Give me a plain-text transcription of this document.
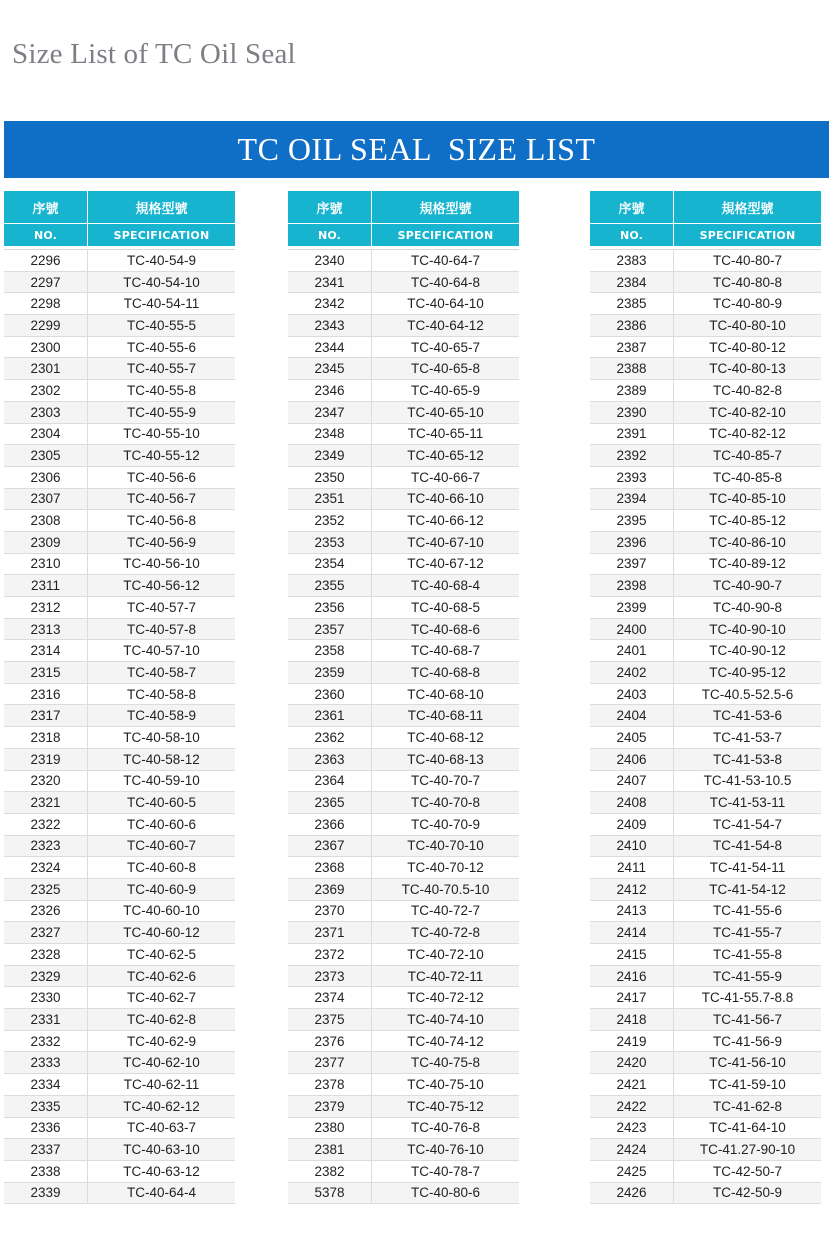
Size List of TC Oil Seal
TC OIL SEAL  SIZE LIST
序號	規格型號
NO.	SPECIFICATION
2296	TC-40-54-9
2297	TC-40-54-10
2298	TC-40-54-11
2299	TC-40-55-5
2300	TC-40-55-6
2301	TC-40-55-7
2302	TC-40-55-8
2303	TC-40-55-9
2304	TC-40-55-10
2305	TC-40-55-12
2306	TC-40-56-6
2307	TC-40-56-7
2308	TC-40-56-8
2309	TC-40-56-9
2310	TC-40-56-10
2311	TC-40-56-12
2312	TC-40-57-7
2313	TC-40-57-8
2314	TC-40-57-10
2315	TC-40-58-7
2316	TC-40-58-8
2317	TC-40-58-9
2318	TC-40-58-10
2319	TC-40-58-12
2320	TC-40-59-10
2321	TC-40-60-5
2322	TC-40-60-6
2323	TC-40-60-7
2324	TC-40-60-8
2325	TC-40-60-9
2326	TC-40-60-10
2327	TC-40-60-12
2328	TC-40-62-5
2329	TC-40-62-6
2330	TC-40-62-7
2331	TC-40-62-8
2332	TC-40-62-9
2333	TC-40-62-10
2334	TC-40-62-11
2335	TC-40-62-12
2336	TC-40-63-7
2337	TC-40-63-10
2338	TC-40-63-12
2339	TC-40-64-4
序號	規格型號
NO.	SPECIFICATION
2340	TC-40-64-7
2341	TC-40-64-8
2342	TC-40-64-10
2343	TC-40-64-12
2344	TC-40-65-7
2345	TC-40-65-8
2346	TC-40-65-9
2347	TC-40-65-10
2348	TC-40-65-11
2349	TC-40-65-12
2350	TC-40-66-7
2351	TC-40-66-10
2352	TC-40-66-12
2353	TC-40-67-10
2354	TC-40-67-12
2355	TC-40-68-4
2356	TC-40-68-5
2357	TC-40-68-6
2358	TC-40-68-7
2359	TC-40-68-8
2360	TC-40-68-10
2361	TC-40-68-11
2362	TC-40-68-12
2363	TC-40-68-13
2364	TC-40-70-7
2365	TC-40-70-8
2366	TC-40-70-9
2367	TC-40-70-10
2368	TC-40-70-12
2369	TC-40-70.5-10
2370	TC-40-72-7
2371	TC-40-72-8
2372	TC-40-72-10
2373	TC-40-72-11
2374	TC-40-72-12
2375	TC-40-74-10
2376	TC-40-74-12
2377	TC-40-75-8
2378	TC-40-75-10
2379	TC-40-75-12
2380	TC-40-76-8
2381	TC-40-76-10
2382	TC-40-78-7
5378	TC-40-80-6
序號	規格型號
NO.	SPECIFICATION
2383	TC-40-80-7
2384	TC-40-80-8
2385	TC-40-80-9
2386	TC-40-80-10
2387	TC-40-80-12
2388	TC-40-80-13
2389	TC-40-82-8
2390	TC-40-82-10
2391	TC-40-82-12
2392	TC-40-85-7
2393	TC-40-85-8
2394	TC-40-85-10
2395	TC-40-85-12
2396	TC-40-86-10
2397	TC-40-89-12
2398	TC-40-90-7
2399	TC-40-90-8
2400	TC-40-90-10
2401	TC-40-90-12
2402	TC-40-95-12
2403	TC-40.5-52.5-6
2404	TC-41-53-6
2405	TC-41-53-7
2406	TC-41-53-8
2407	TC-41-53-10.5
2408	TC-41-53-11
2409	TC-41-54-7
2410	TC-41-54-8
2411	TC-41-54-11
2412	TC-41-54-12
2413	TC-41-55-6
2414	TC-41-55-7
2415	TC-41-55-8
2416	TC-41-55-9
2417	TC-41-55.7-8.8
2418	TC-41-56-7
2419	TC-41-56-9
2420	TC-41-56-10
2421	TC-41-59-10
2422	TC-41-62-8
2423	TC-41-64-10
2424	TC-41.27-90-10
2425	TC-42-50-7
2426	TC-42-50-9
